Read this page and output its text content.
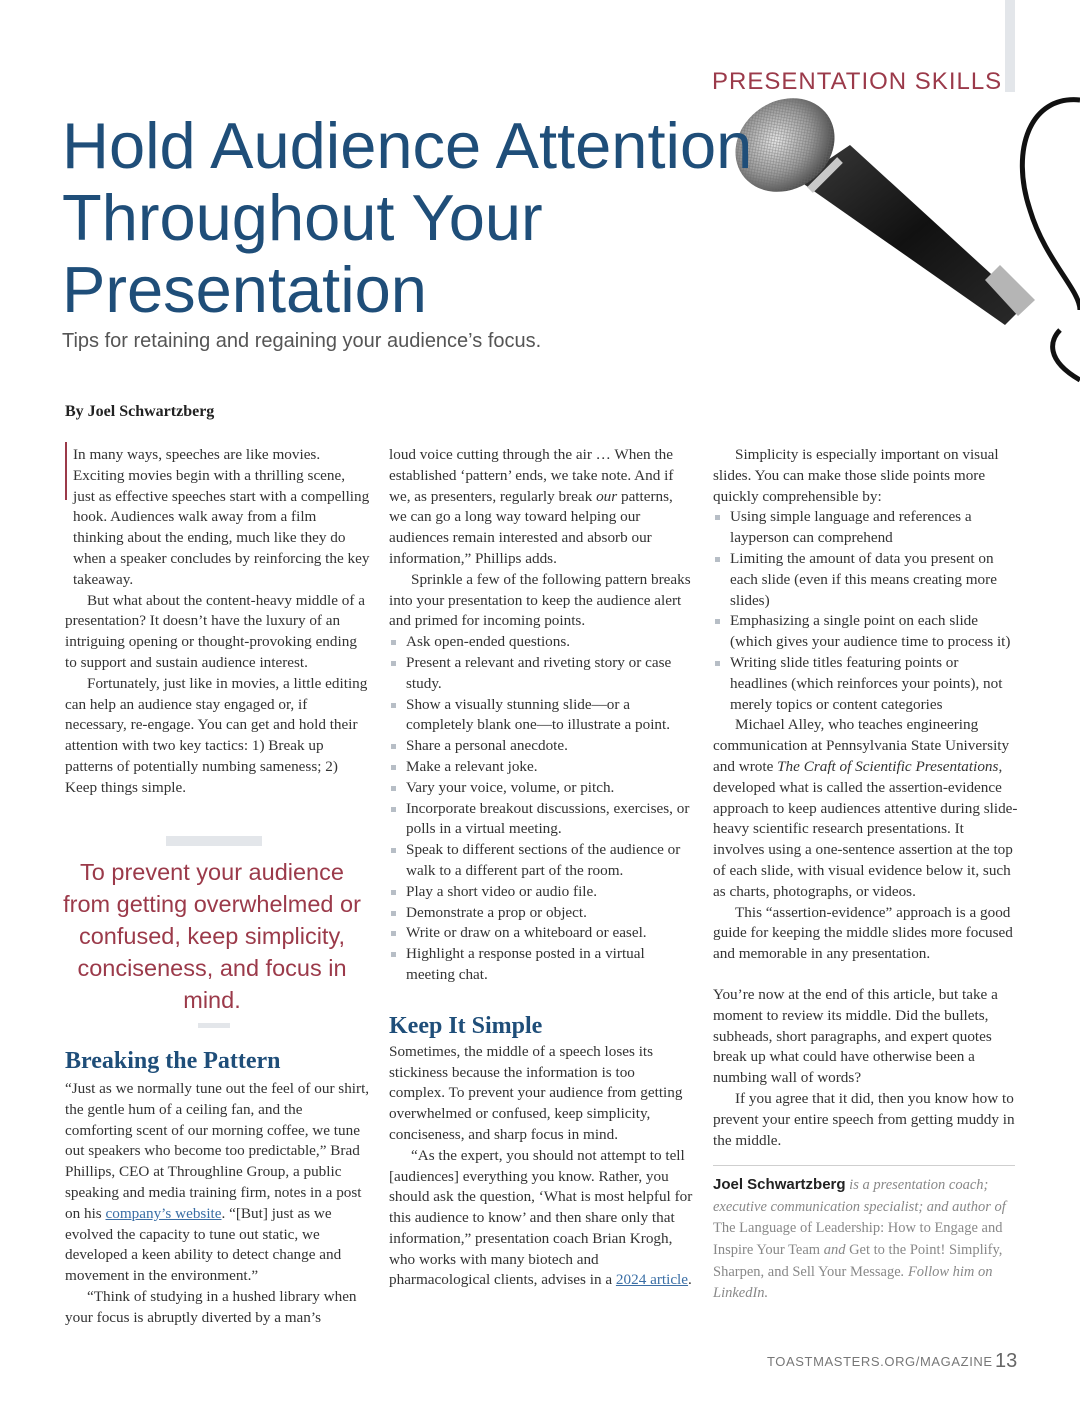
PRESENTATION SKILLS
Hold Audience Attention Throughout Your Presentation
Tips for retaining and regaining your audience’s focus.
By Joel Schwartzberg

In many ways, speeches are like movies. Exciting movies begin with a thrilling scene, just as effective speeches start with a compelling hook. Audiences walk away from a film thinking about the ending, much like they do when a speaker concludes by reinforcing the key takeaway.

But what about the content-heavy middle of a presentation? It doesn’t have the luxury of an intriguing opening or thought-provoking ending to support and sustain audience interest.

Fortunately, just like in movies, a little editing can help an audience stay engaged or, if necessary, re-engage. You can get and hold their attention with two key tactics: 1) Break up patterns of potentially numbing sameness; 2) Keep things simple.

To prevent your audience from getting overwhelmed or confused, keep simplicity, conciseness, and focus in mind.
Breaking the Pattern

“Just as we normally tune out the feel of our shirt, the gentle hum of a ceiling fan, and the comforting scent of our morning coffee, we tune out speakers who become too predictable,” Brad Phillips, CEO at Throughline Group, a public speaking and media training firm, notes in a post on his company’s website. “[But] just as we evolved the capacity to tune out static, we developed a keen ability to detect change and movement in the environment.”

“Think of studying in a hushed library when your focus is abruptly diverted by a man’s

loud voice cutting through the air … When the established ‘pattern’ ends, we take note. And if we, as presenters, regularly break our patterns, we can go a long way toward helping our audiences remain interested and absorb our information,” Phillips adds.

Sprinkle a few of the following pattern breaks into your presentation to keep the audience alert and primed for incoming points.

Ask open-ended questions.
Present a relevant and riveting story or case study.
Show a visually stunning slide—or a completely blank one—to illustrate a point.
Share a personal anecdote.
Make a relevant joke.
Vary your voice, volume, or pitch.
Incorporate breakout discussions, exercises, or polls in a virtual meeting.
Speak to different sections of the audience or walk to a different part of the room.
Play a short video or audio file.
Demonstrate a prop or object.
Write or draw on a whiteboard or easel.
Highlight a response posted in a virtual meeting chat.
Keep It Simple

Sometimes, the middle of a speech loses its stickiness because the information is too complex. To prevent your audience from getting overwhelmed or confused, keep simplicity, conciseness, and sharp focus in mind.

“As the expert, you should not attempt to tell [audiences] everything you know. Rather, you should ask the question, ‘What is most helpful for this audience to know’ and then share only that information,” presentation coach Brian Krogh, who works with many biotech and pharmacological clients, advises in a 2024 article.

Simplicity is especially important on visual slides. You can make those slide points more quickly comprehensible by:

Using simple language and references a layperson can comprehend
Limiting the amount of data you present on each slide (even if this means creating more slides)
Emphasizing a single point on each slide (which gives your audience time to process it)
Writing slide titles featuring points or headlines (which reinforces your points), not merely topics or content categories

Michael Alley, who teaches engineering communication at Pennsylvania State University and wrote The Craft of Scientific Presentations, developed what is called the assertion-evidence approach to keep audiences attentive during slide-heavy scientific research presentations. It involves using a one-sentence assertion at the top of each slide, with visual evidence below it, such as charts, photographs, or videos.

This “assertion-evidence” approach is a good guide for keeping the middle slides more focused and memorable in any presentation.

You’re now at the end of this article, but take a moment to review its middle. Did the bullets, subheads, short paragraphs, and expert quotes break up what could have otherwise been a numbing wall of words?

If you agree that it did, then you know how to prevent your entire speech from getting muddy in the middle.

Joel Schwartzberg is a presentation coach; executive communication specialist; and author of The Language of Leadership: How to Engage and Inspire Your Team and Get to the Point! Simplify, Sharpen, and Sell Your Message. Follow him on LinkedIn.

TOASTMASTERS.ORG/MAGAZINE 13
